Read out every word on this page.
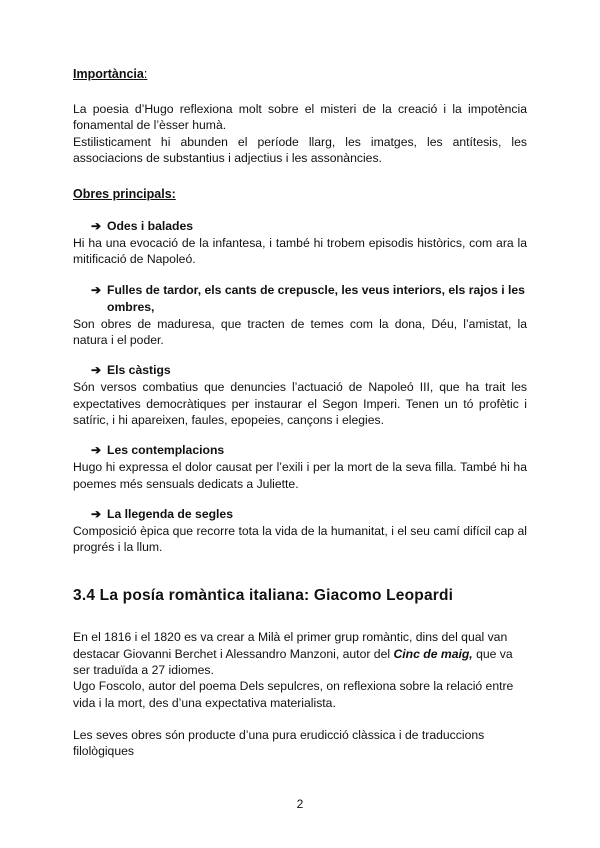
Importància:

La poesia d’Hugo reflexiona molt sobre el misteri de la creació i la impotència fonamental de l’èsser humà.

Estilisticament hi abunden el període llarg, les imatges, les antítesis, les associacions de substantius i adjectius i les assonàncies.

Obres principals:
➔ Odes i balades

Hi ha una evocació de la infantesa, i també hi trobem episodis històrics, com ara la mitificació de Napoleó.

➔ Fulles de tardor, els cants de crepuscle, les veus interiors, els rajos i les ombres,

Son obres de maduresa, que tracten de temes com la dona, Déu, l’amistat, la natura i el poder.

➔ Els càstigs

Són versos combatius que denuncies l’actuació de Napoleó III, que ha trait les expectatives democràtiques per instaurar el Segon Imperi. Tenen un tó profètic i satíric, i hi apareixen, faules, epopeies, cançons i elegies.

➔ Les contemplacions

Hugo hi expressa el dolor causat per l’exili i per la mort de la seva filla. També hi ha poemes més sensuals dedicats a Juliette.

➔ La llegenda de segles

Composició èpica que recorre tota la vida de la humanitat, i el seu camí difícil cap al progrés i la llum.

3.4 La posía romàntica italiana: Giacomo Leopardi

En el 1816 i el 1820 es va crear a Milà el primer grup romàntic, dins del qual van destacar Giovanni Berchet i Alessandro Manzoni, autor del Cinc de maig, que va ser traduïda a 27 idiomes.

Ugo Foscolo, autor del poema Dels sepulcres, on reflexiona sobre la relació entre vida i la mort, des d’una expectativa materialista.

Les seves obres són producte d’una pura erudicció clàssica i de traduccions filològiques

2
